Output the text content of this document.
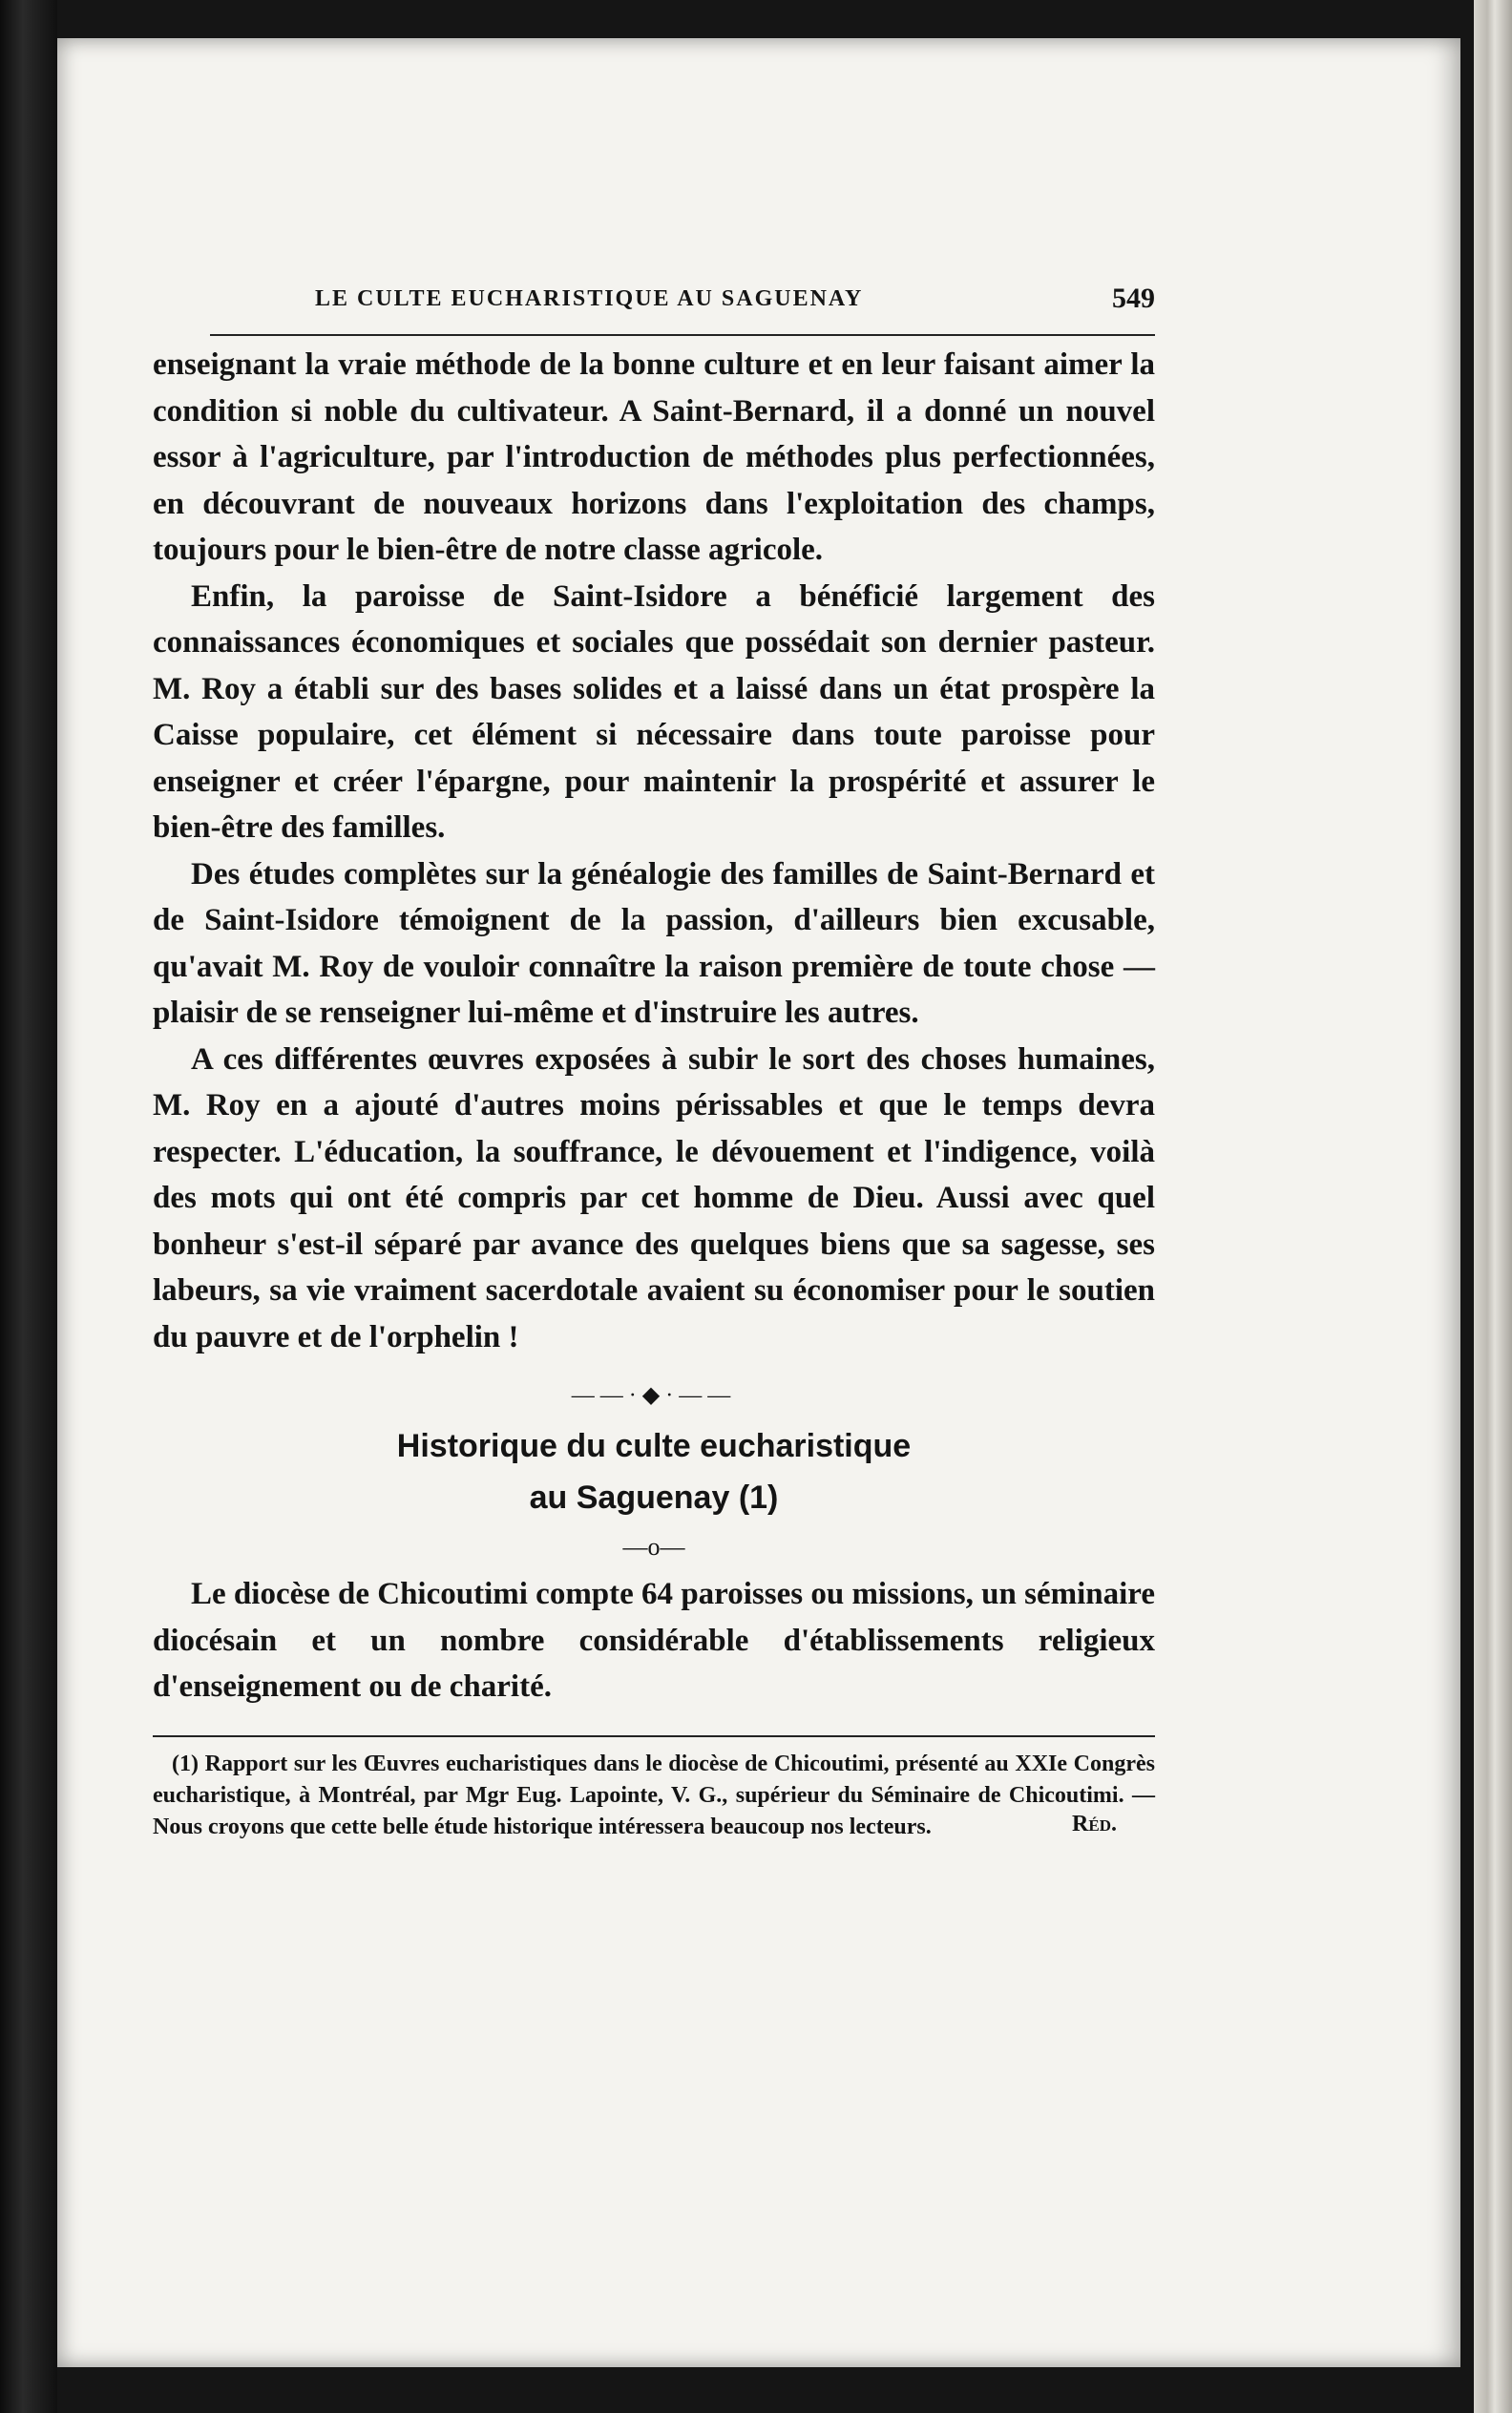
LE CULTE EUCHARISTIQUE AU SAGUENAY	549

enseignant la vraie méthode de la bonne culture et en leur faisant aimer la condition si noble du cultivateur. A Saint-Bernard, il a donné un nouvel essor à l'agriculture, par l'introduction de méthodes plus perfectionnées, en découvrant de nouveaux horizons dans l'exploitation des champs, toujours pour le bien-être de notre classe agricole.

Enfin, la paroisse de Saint-Isidore a bénéficié largement des connaissances économiques et sociales que possédait son dernier pasteur. M. Roy a établi sur des bases solides et a laissé dans un état prospère la Caisse populaire, cet élément si nécessaire dans toute paroisse pour enseigner et créer l'épargne, pour maintenir la prospérité et assurer le bien-être des familles.

Des études complètes sur la généalogie des familles de Saint-Bernard et de Saint-Isidore témoignent de la passion, d'ailleurs bien excusable, qu'avait M. Roy de vouloir connaître la raison première de toute chose — plaisir de se renseigner lui-même et d'instruire les autres.

A ces différentes œuvres exposées à subir le sort des choses humaines, M. Roy en a ajouté d'autres moins périssables et que le temps devra respecter. L'éducation, la souffrance, le dévouement et l'indigence, voilà des mots qui ont été compris par cet homme de Dieu. Aussi avec quel bonheur s'est-il séparé par avance des quelques biens que sa sagesse, ses labeurs, sa vie vraiment sacerdotale avaient su économiser pour le soutien du pauvre et de l'orphelin !

——·◆·——

Historique du culte eucharistique

au Saguenay (1)

—o—

Le diocèse de Chicoutimi compte 64 paroisses ou missions, un séminaire diocésain et un nombre considérable d'établissements religieux d'enseignement ou de charité.

(1) Rapport sur les Œuvres eucharistiques dans le diocèse de Chicoutimi, présenté au XXIe Congrès eucharistique, à Montréal, par Mgr Eug. Lapointe, V. G., supérieur du Séminaire de Chicoutimi. — Nous croyons que cette belle étude historique intéressera beaucoup nos lecteurs.	Réd.
